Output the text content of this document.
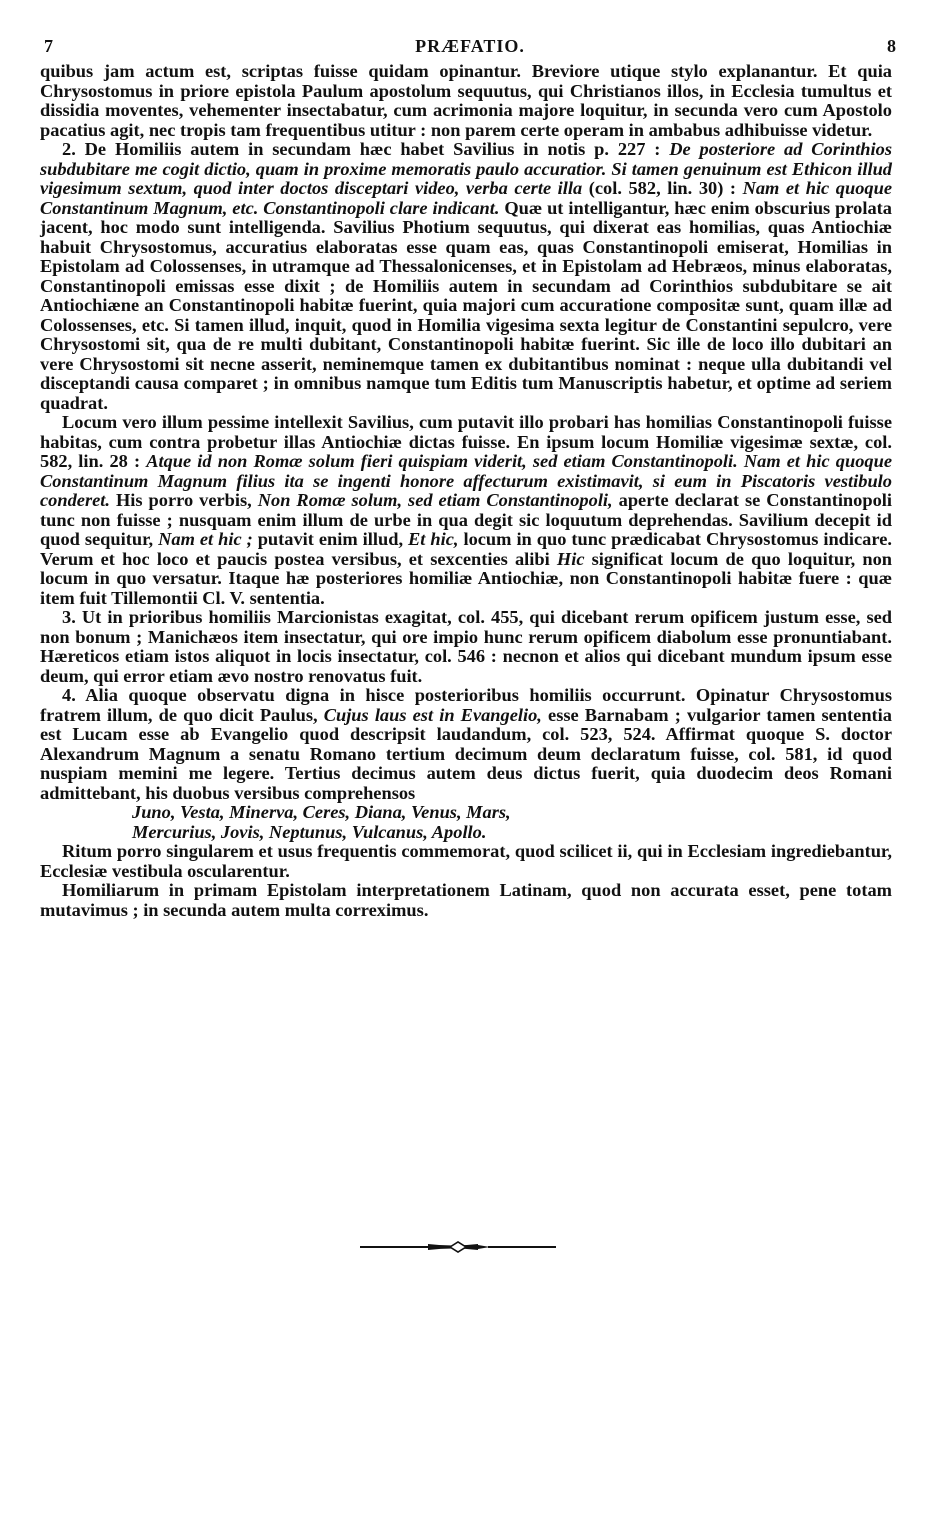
7	PRÆFATIO.	8

quibus jam actum est, scriptas fuisse quidam opinantur. Breviore utique stylo explanantur. Et quia Chrysostomus in priore epistola Paulum apostolum sequutus, qui Christianos illos, in Ecclesia tumultus et dissidia moventes, vehementer insectabatur, cum acrimonia majore loquitur, in secunda vero cum Apostolo pacatius agit, nec tropis tam frequentibus utitur : non parem certe operam in ambabus adhibuisse videtur.

2. De Homiliis autem in secundam hæc habet Savilius in notis p. 227 : De posteriore ad Corinthios subdubitare me cogit dictio, quam in proxime memoratis paulo accuratior. Si tamen genuinum est Ethicon illud vigesimum sextum, quod inter doctos disceptari video, verba certe illa (col. 582, lin. 30) : Nam et hic quoque Constantinum Magnum, etc. Constantinopoli clare indicant. Quæ ut intelligantur, hæc enim obscurius prolata jacent, hoc modo sunt intelligenda. Savilius Photium sequutus, qui dixerat eas homilias, quas Antiochiæ habuit Chrysostomus, accuratius elaboratas esse quam eas, quas Constantinopoli emiserat, Homilias in Epistolam ad Colossenses, in utramque ad Thessalonicenses, et in Epistolam ad Hebræos, minus elaboratas, Constantinopoli emissas esse dixit ; de Homiliis autem in secundam ad Corinthios subdubitare se ait Antiochiæne an Constantinopoli habitæ fuerint, quia majori cum accuratione compositæ sunt, quam illæ ad Colossenses, etc. Si tamen illud, inquit, quod in Homilia vigesima sexta legitur de Constantini sepulcro, vere Chrysostomi sit, qua de re multi dubitant, Constantinopoli habitæ fuerint. Sic ille de loco illo dubitari an vere Chrysostomi sit necne asserit, neminemque tamen ex dubitantibus nominat : neque ulla dubitandi vel disceptandi causa comparet ; in omnibus namque tum Editis tum Manuscriptis habetur, et optime ad seriem quadrat.

Locum vero illum pessime intellexit Savilius, cum putavit illo probari has homilias Constantinopoli fuisse habitas, cum contra probetur illas Antiochiæ dictas fuisse. En ipsum locum Homiliæ vigesimæ sextæ, col. 582, lin. 28 : Atque id non Romæ solum fieri quispiam viderit, sed etiam Constantinopoli. Nam et hic quoque Constantinum Magnum filius ita se ingenti honore affecturum existimavit, si eum in Piscatoris vestibulo conderet. His porro verbis, Non Romæ solum, sed etiam Constantinopoli, aperte declarat se Constantinopoli tunc non fuisse ; nusquam enim illum de urbe in qua degit sic loquutum deprehendas. Savilium decepit id quod sequitur, Nam et hic ; putavit enim illud, Et hic, locum in quo tunc prædicabat Chrysostomus indicare. Verum et hoc loco et paucis postea versibus, et sexcenties alibi Hic significat locum de quo loquitur, non locum in quo versatur. Itaque hæ posteriores homiliæ Antiochiæ, non Constantinopoli habitæ fuere : quæ item fuit Tillemontii Cl. V. sententia.

3. Ut in prioribus homiliis Marcionistas exagitat, col. 455, qui dicebant rerum opificem justum esse, sed non bonum ; Manichæos item insectatur, qui ore impio hunc rerum opificem diabolum esse pronuntiabant. Hæreticos etiam istos aliquot in locis insectatur, col. 546 : necnon et alios qui dicebant mundum ipsum esse deum, qui error etiam ævo nostro renovatus fuit.

4. Alia quoque observatu digna in hisce posterioribus homiliis occurrunt. Opinatur Chrysostomus fratrem illum, de quo dicit Paulus, Cujus laus est in Evangelio, esse Barnabam ; vulgarior tamen sententia est Lucam esse ab Evangelio quod descripsit laudandum, col. 523, 524. Affirmat quoque S. doctor Alexandrum Magnum a senatu Romano tertium decimum deum declaratum fuisse, col. 581, id quod nuspiam memini me legere. Tertius decimus autem deus dictus fuerit, quia duodecim deos Romani admittebant, his duobus versibus comprehensos

Juno, Vesta, Minerva, Ceres, Diana, Venus, Mars,
Mercurius, Jovis, Neptunus, Vulcanus, Apollo.

Ritum porro singularem et usus frequentis commemorat, quod scilicet ii, qui in Ecclesiam ingrediebantur, Ecclesiæ vestibula oscularentur.

Homiliarum in primam Epistolam interpretationem Latinam, quod non accurata esset, pene totam mutavimus ; in secunda autem multa correximus.
